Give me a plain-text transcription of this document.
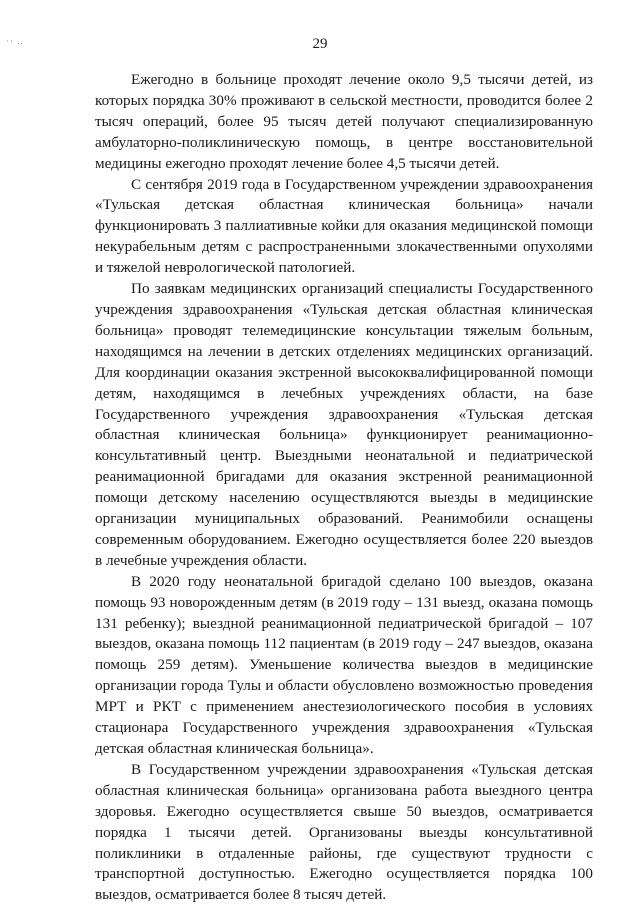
·· ..	29

Ежегодно в больнице проходят лечение около 9,5 тысячи детей, из которых порядка 30% проживают в сельской местности, проводится более 2 тысяч операций, более 95 тысяч детей получают специализированную амбулаторно-поликлиническую помощь, в центре восстановительной медицины ежегодно проходят лечение более 4,5 тысячи детей.

С сентября 2019 года в Государственном учреждении здравоохранения «Тульская детская областная клиническая больница» начали функционировать 3 паллиативные койки для оказания медицинской помощи некурабельным детям с распространенными злокачественными опухолями и тяжелой неврологической патологией.

По заявкам медицинских организаций специалисты Государственного учреждения здравоохранения «Тульская детская областная клиническая больница» проводят телемедицинские консультации тяжелым больным, находящимся на лечении в детских отделениях медицинских организаций. Для координации оказания экстренной высококвалифицированной помощи детям, находящимся в лечебных учреждениях области, на базе Государственного учреждения здравоохранения «Тульская детская областная клиническая больница» функционирует реанимационно-консультативный центр. Выездными неонатальной и педиатрической реанимационной бригадами для оказания экстренной реанимационной помощи детскому населению осуществляются выезды в медицинские организации муниципальных образований. Реанимобили оснащены современным оборудованием. Ежегодно осуществляется более 220 выездов в лечебные учреждения области.

В 2020 году неонатальной бригадой сделано 100 выездов, оказана помощь 93 новорожденным детям (в 2019 году – 131 выезд, оказана помощь 131 ребенку); выездной реанимационной педиатрической бригадой – 107 выездов, оказана помощь 112 пациентам (в 2019 году – 247 выездов, оказана помощь 259 детям). Уменьшение количества выездов в медицинские организации города Тулы и области обусловлено возможностью проведения МРТ и РКТ с применением анестезиологического пособия в условиях стационара Государственного учреждения здравоохранения «Тульская детская областная клиническая больница».

В Государственном учреждении здравоохранения «Тульская детская областная клиническая больница» организована работа выездного центра здоровья. Ежегодно осуществляется свыше 50 выездов, осматривается порядка 1 тысячи детей. Организованы выезды консультативной поликлиники в отдаленные районы, где существуют трудности с транспортной доступностью. Ежегодно осуществляется порядка 100 выездов, осматривается более 8 тысяч детей.
